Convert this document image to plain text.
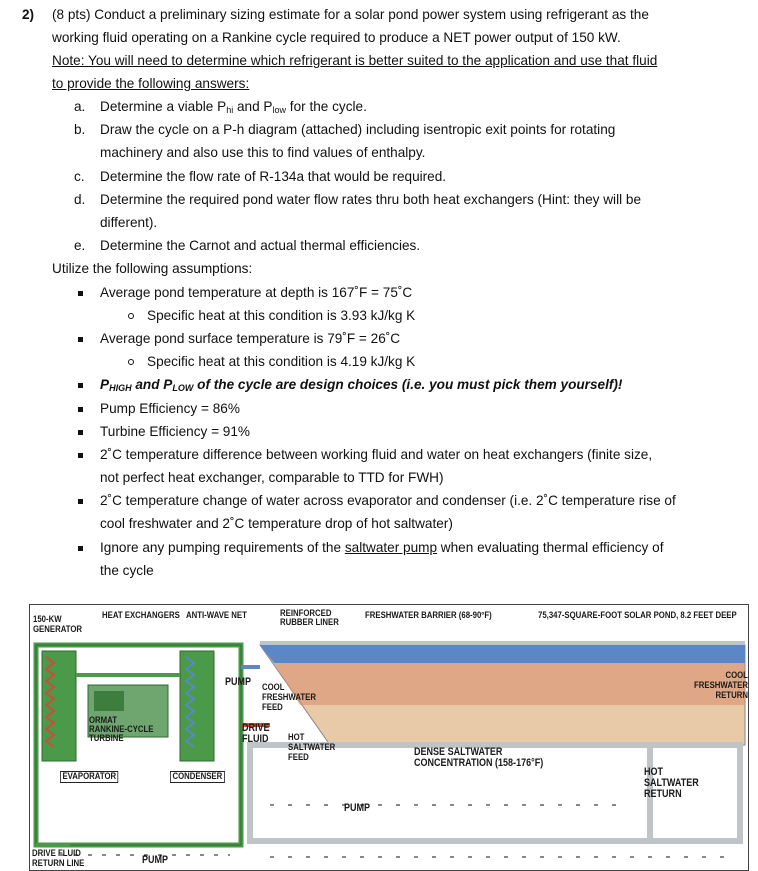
2) (8 pts) Conduct a preliminary sizing estimate for a solar pond power system using refrigerant as the
working fluid operating on a Rankine cycle required to produce a NET power output of 150 kW.
Note: You will need to determine which refrigerant is better suited to the application and use that fluid
to provide the following answers:
a. Determine a viable $P_{hi}$ and $P_{low}$ for the cycle.
b. Draw the cycle on a P-h diagram (attached) including isentropic exit points for rotating
machinery and also use this to find values of enthalpy.
c. Determine the flow rate of R-134a that would be required.
d. Determine the required pond water flow rates thru both heat exchangers (Hint: they will be
different).
e. Determine the Carnot and actual thermal efficiencies.
Utilize the following assumptions:
Average pond temperature at depth is 167˚F = 75˚C
Specific heat at this condition is 3.93 kJ/kg K
Average pond surface temperature is 79˚F = 26˚C
Specific heat at this condition is 4.19 kJ/kg K
$P_{HIGH}$ and $P_{LOW}$ of the cycle are design choices (i.e. you must pick them yourself)!
Pump Efficiency = 86%
Turbine Efficiency = 91%
2˚C temperature difference between working fluid and water on heat exchangers (finite size,
not perfect heat exchanger, comparable to TTD for FWH)
2˚C temperature change of water across evaporator and condenser (i.e. 2˚C temperature rise of
cool freshwater and 2˚C temperature drop of hot saltwater)
Ignore any pumping requirements of the saltwater pump when evaluating thermal efficiency of
the cycle
150-KW
GENERATOR
HEAT EXCHANGERS ANTI-WAVE NET	REINFORCED
RUBBER LINER
FRESHWATER BARRIER (68-90°F)	75,347-SQUARE-FOOT SOLAR POND, 8.2 FEET DEEP
PUMP COOL
FRESHWATER
FEED
DRIVE
FLUID HOT
SALTWATER
FEED
ORMAT
RANKINE-CYCLE
TURBINE
EVAPORATOR	CONDENSER
DENSE SALTWATER
CONCENTRATION (158-176°F)
COOL
FRESHWATER
RETURN
HOT
SALTWATER
RETURN
PUMP
DRIVE FLUID
RETURN LINE	PUMP
